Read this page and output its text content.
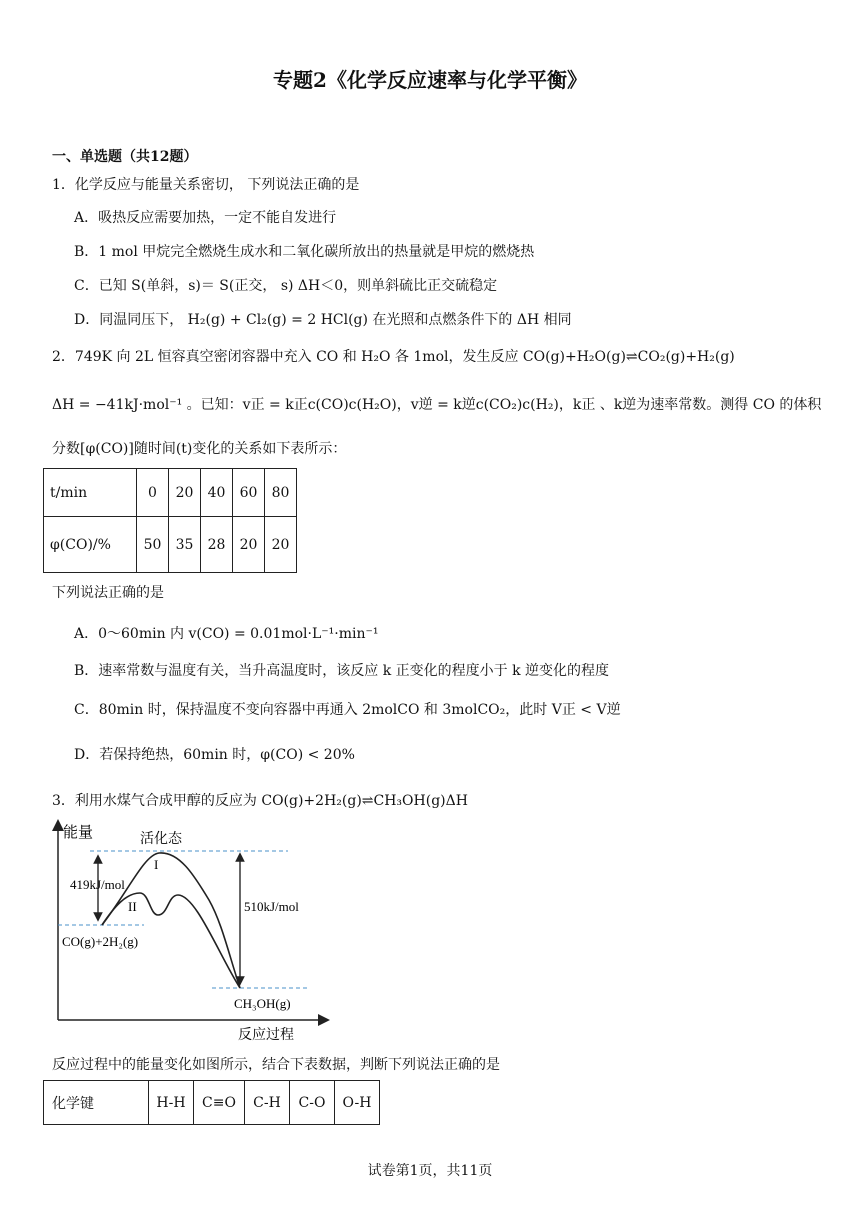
专题2《化学反应速率与化学平衡》
一、单选题（共12题）
1．化学反应与能量关系密切， 下列说法正确的是
A．吸热反应需要加热，一定不能自发进行
B．1 mol 甲烷完全燃烧生成水和二氧化碳所放出的热量就是甲烷的燃烧热
C．已知 S(单斜，s)＝ S(正交， s) ΔH＜0，则单斜硫比正交硫稳定
D．同温同压下， H₂(g) + Cl₂(g) = 2 HCl(g) 在光照和点燃条件下的 ΔH 相同
2．749K 向 2L 恒容真空密闭容器中充入 CO 和 H₂O 各 1mol，发生反应 CO(g)+H₂O(g)⇌CO₂(g)+H₂(g)
ΔH = −41kJ·mol⁻¹ 。已知：v正 = k正c(CO)c(H₂O)，v逆 = k逆c(CO₂)c(H₂)，k正 、k逆为速率常数。测得 CO 的体积
分数[φ(CO)]随时间(t)变化的关系如下表所示：
t/min	0	20	40	60	80
φ(CO)/%	50	35	28	20	20
下列说法正确的是
A．0～60min 内 v(CO) = 0.01mol·L⁻¹·min⁻¹
B．速率常数与温度有关，当升高温度时，该反应 k 正变化的程度小于 k 逆变化的程度
C．80min 时，保持温度不变向容器中再通入 2molCO 和 3molCO₂，此时 V正 < V逆
D．若保持绝热，60min 时，φ(CO) < 20%
3．利用水煤气合成甲醇的反应为 CO(g)+2H₂(g)⇌CH₃OH(g)ΔH
能量	活化态
I
II
419kJ/mol
510kJ/mol
CO(g)+2H₂(g)
CH₃OH(g)
反应过程
反应过程中的能量变化如图所示，结合下表数据，判断下列说法正确的是
化学键	H-H	C≡O	C-H	C-O	O-H
试卷第1页，共11页
